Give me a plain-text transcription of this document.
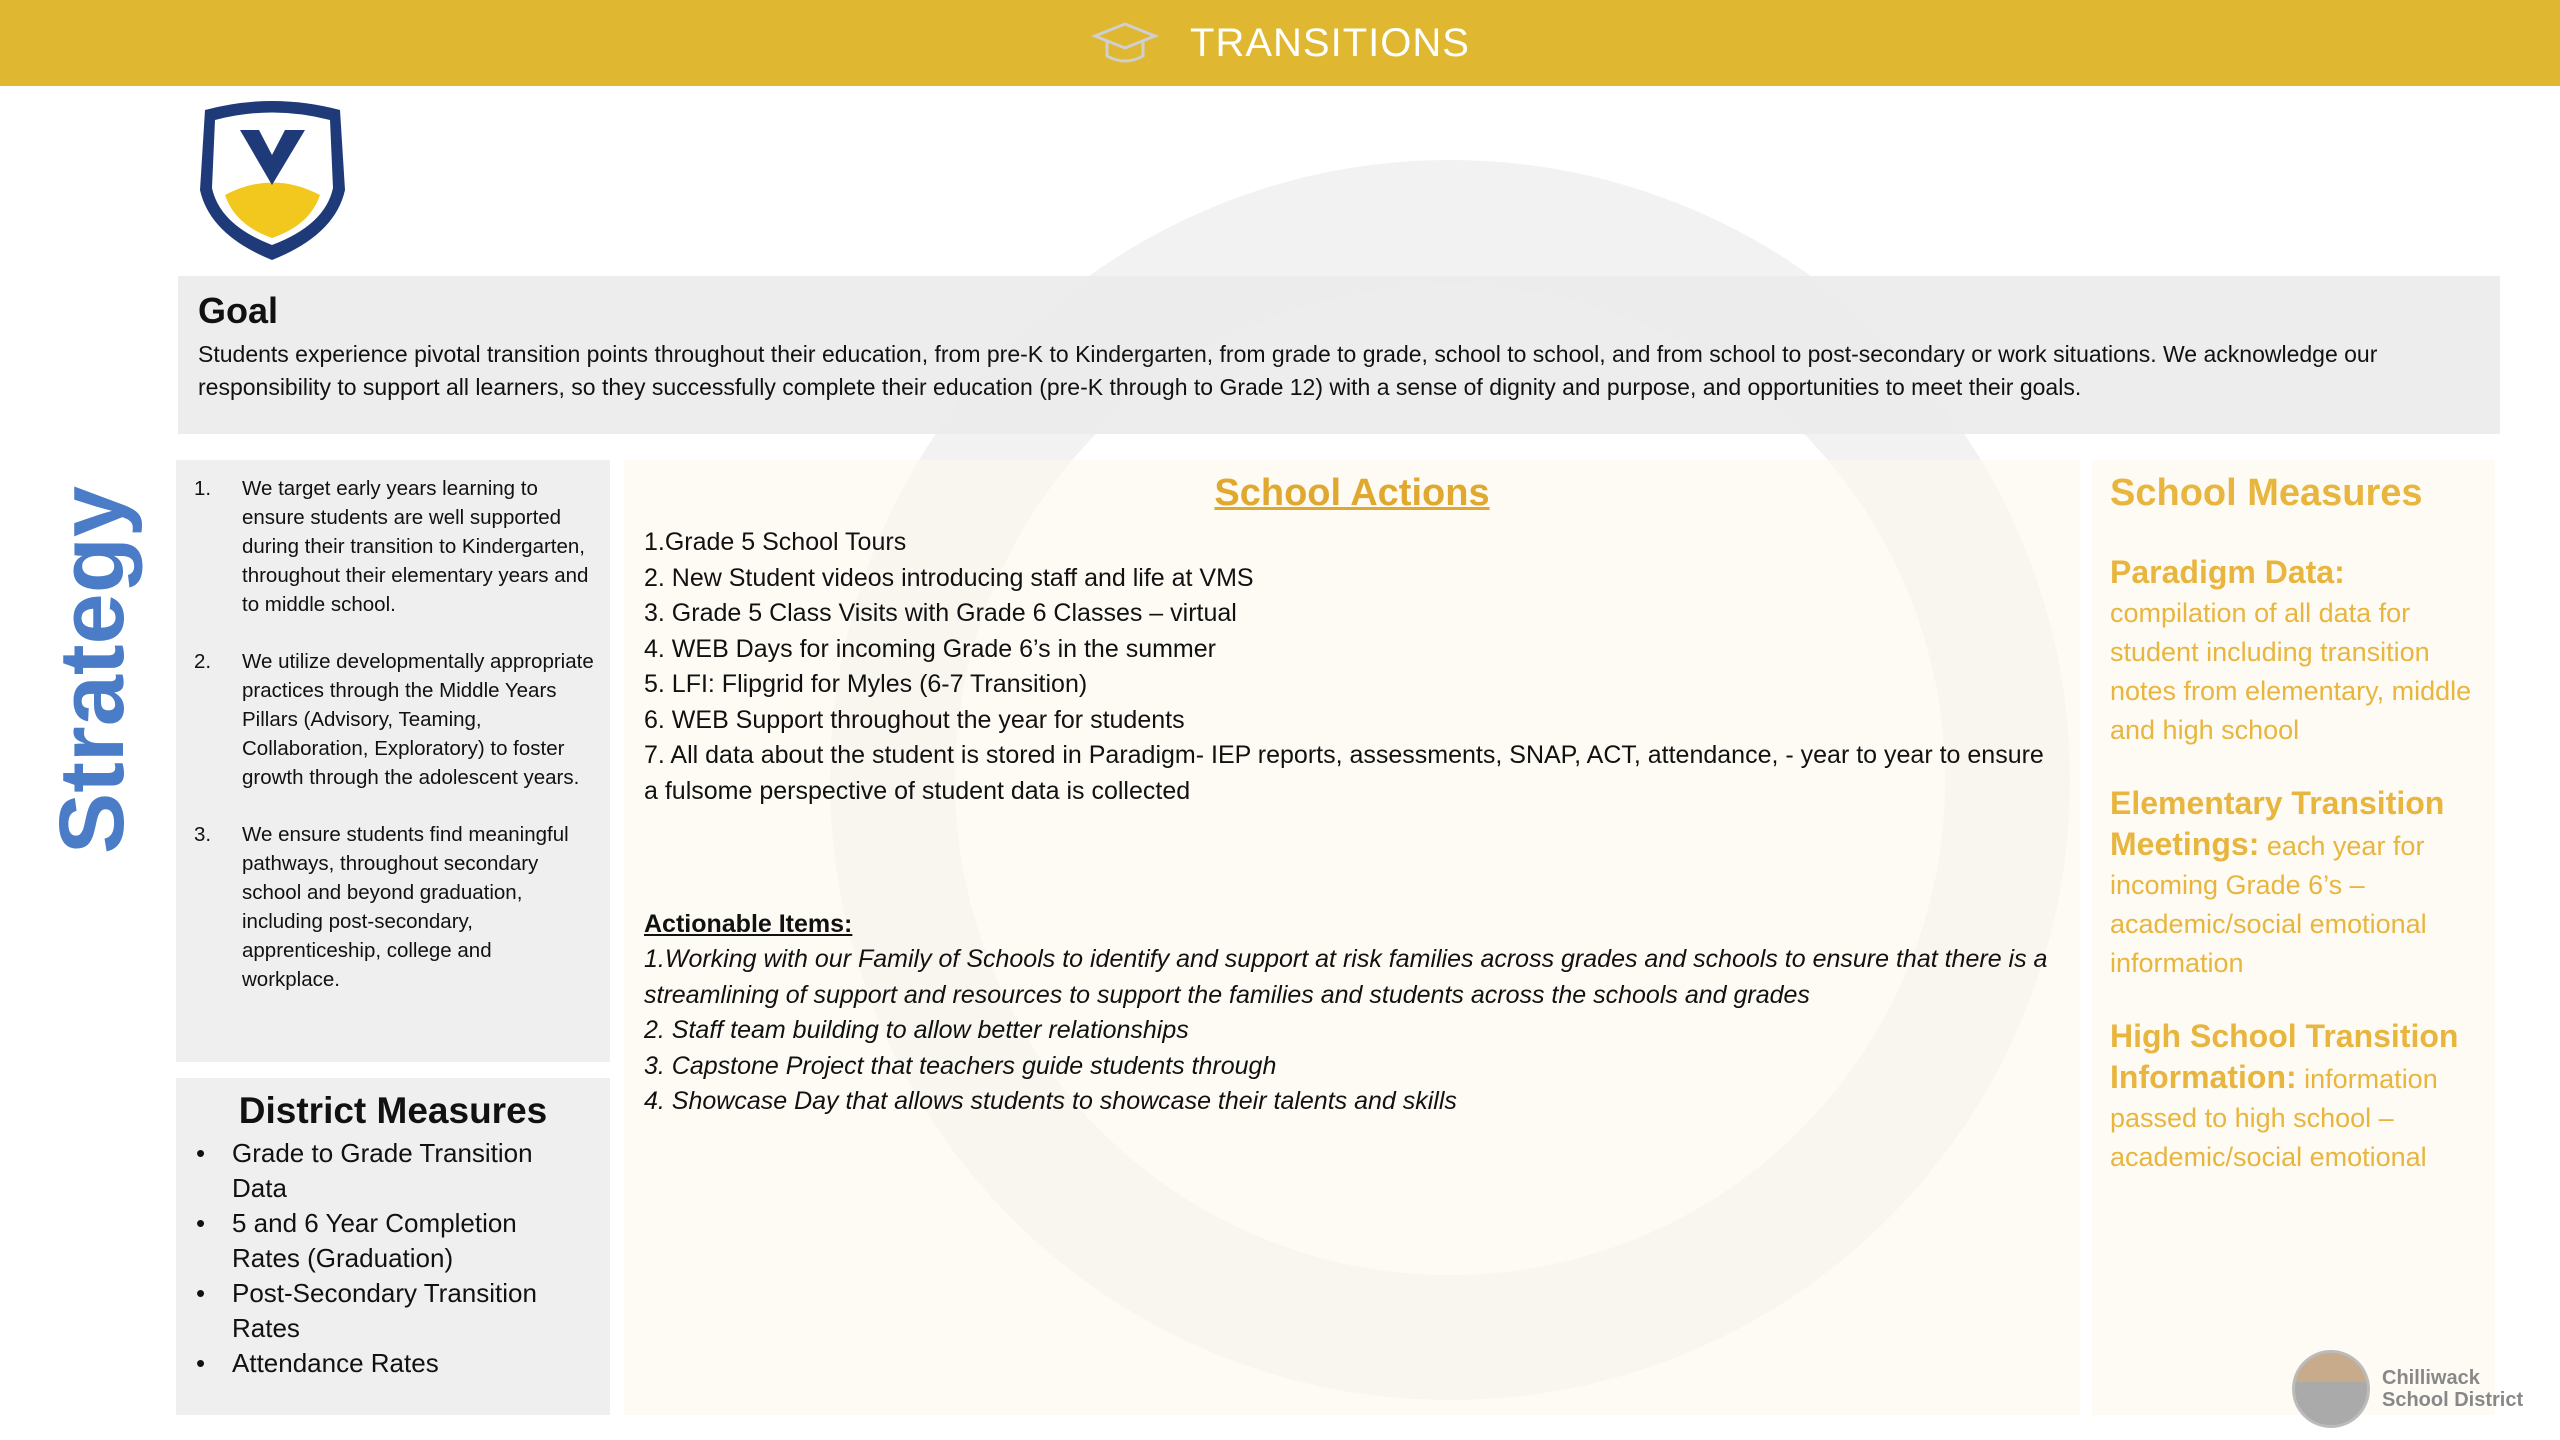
TRANSITIONS
Goal

Students experience pivotal transition points throughout their education, from pre-K to Kindergarten, from grade to grade, school to school, and from school to post-secondary or work situations. We acknowledge our responsibility to support all learners, so they successfully complete their education (pre-K through to Grade 12) with a sense of dignity and purpose, and opportunities to meet their goals.

Strategy	1.	We target early years learning to ensure students are well supported during their transition to Kindergarten, throughout their elementary years and to middle school.
2.	We utilize developmentally appropriate practices through the Middle Years Pillars (Advisory, Teaming, Collaboration, Exploratory) to foster growth through the adolescent years.
3.	We ensure students find meaningful pathways, throughout secondary school and beyond graduation, including post-secondary, apprenticeship, college and workplace.
District Measures
•	Grade to Grade Transition Data
•	5 and 6 Year Completion Rates (Graduation)
•	Post-Secondary Transition Rates
•	Attendance Rates
School Actions
1.Grade 5 School Tours
2. New Student videos introducing staff and life at VMS
3. Grade 5 Class Visits with Grade 6 Classes – virtual
4. WEB Days for incoming Grade 6’s in the summer
5. LFI: Flipgrid for Myles (6-7 Transition)
6. WEB Support throughout the year for students
7. All data about the student is stored in Paradigm- IEP reports, assessments, SNAP, ACT, attendance, - year to year to ensure a fulsome perspective of student data is collected
Actionable Items:
1.Working with our Family of Schools to identify and support at risk families across grades and schools to ensure that there is a streamlining of support and resources to support the families and students across the schools and grades
2. Staff team building to allow better relationships
3. Capstone Project that teachers guide students through
4. Showcase Day that allows students to showcase their talents and skills
School Measures
Paradigm Data:
compilation of all data for student including transition notes from elementary, middle and high school
Elementary Transition Meetings: each year for incoming Grade 6’s – academic/social emotional information
High School Transition Information: information passed to high school – academic/social emotional
Chilliwack
School District
